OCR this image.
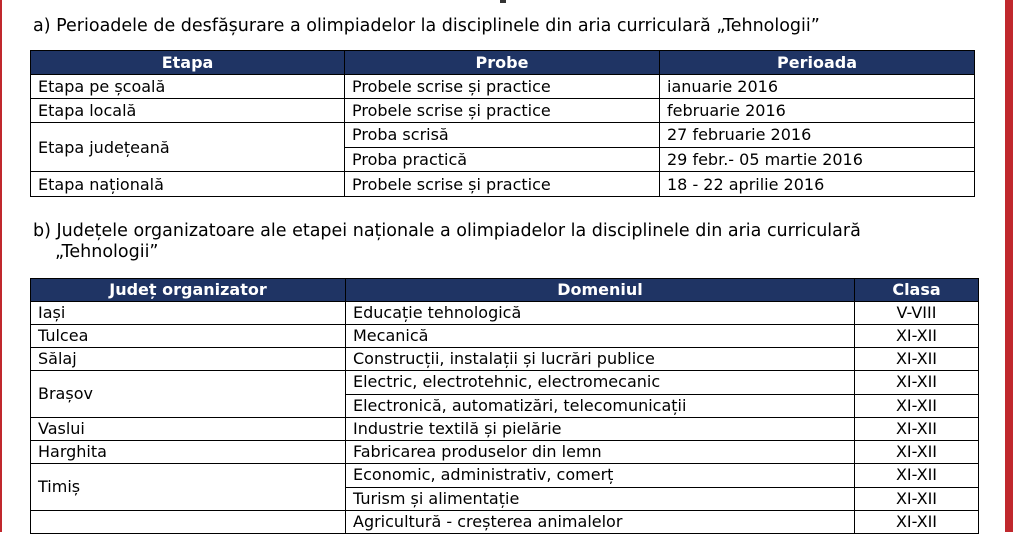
a) Perioadele de desfășurare a olimpiadelor la disciplinele din aria curriculară „Tehnologii”
Etapa	Probe	Perioada
Etapa pe școală	Probele scrise și practice	ianuarie 2016
Etapa locală	Probele scrise și practice	februarie 2016
Etapa județeană	Proba scrisă	27 februarie 2016
	Proba practică	29 febr.- 05 martie 2016
Etapa națională	Probele scrise și practice	18 - 22 aprilie 2016
b) Județele organizatoare ale etapei naționale a olimpiadelor la disciplinele din aria curriculară
„Tehnologii”
Județ organizator	Domeniul	Clasa
Iași	Educație tehnologică	V-VIII
Tulcea	Mecanică	XI-XII
Sălaj	Construcții, instalații și lucrări publice	XI-XII
Brașov	Electric, electrotehnic, electromecanic	XI-XII
	Electronică, automatizări, telecomunicații	XI-XII
Vaslui	Industrie textilă și pielărie	XI-XII
Harghita	Fabricarea produselor din lemn	XI-XII
Timiș	Economic, administrativ, comerț	XI-XII
	Turism și alimentație	XI-XII
	Agricultură - creșterea animalelor	XI-XII
